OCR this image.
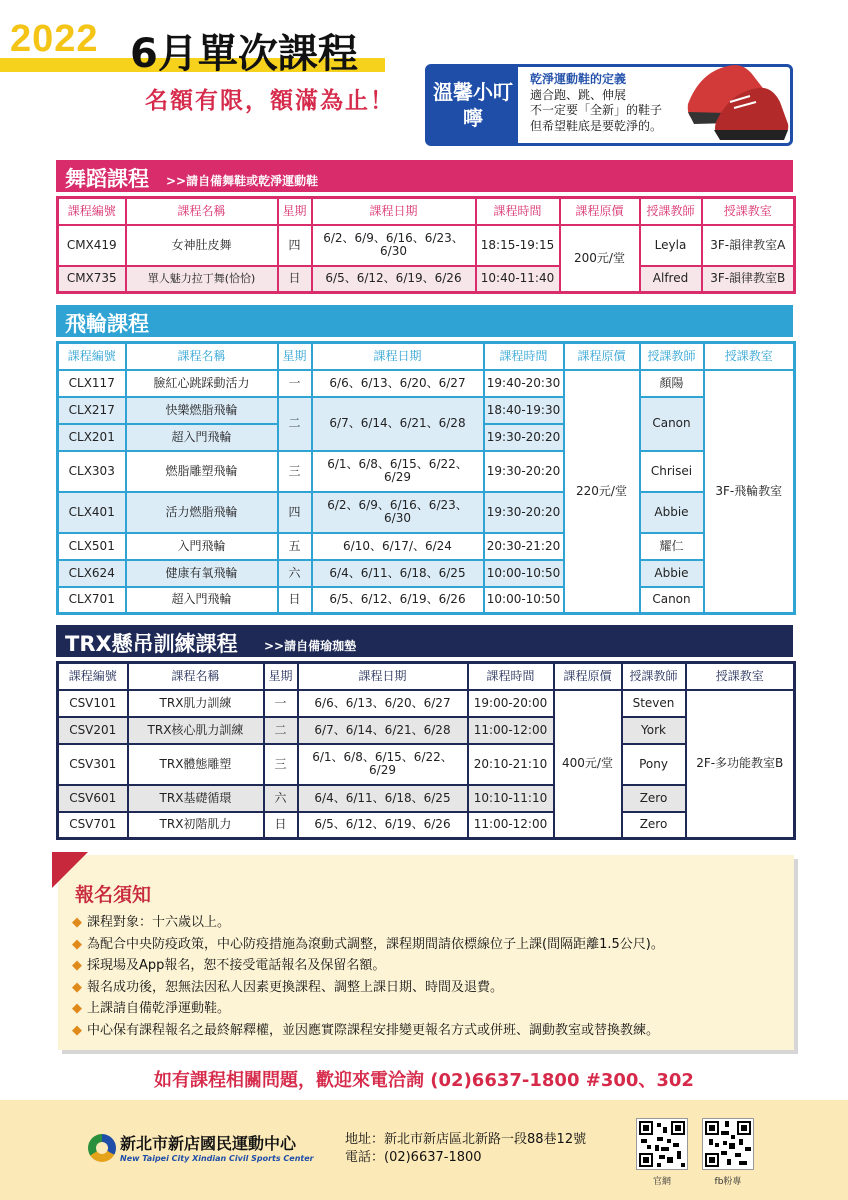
2022 6月單次課程
名額有限，額滿為止！ 溫馨小叮嚀
乾淨運動鞋的定義
適合跑、跳、伸展
不一定要「全新」的鞋子
但希望鞋底是要乾淨的。
舞蹈課程 >>請自備舞鞋或乾淨運動鞋
課程編號	課程名稱	星期	課程日期	課程時間	課程原價	授課教師	授課教室
CMX419	女神肚皮舞	四	6/2、6/9、6/16、6/23、6/30	18:15-19:15	200元/堂	Leyla	3F-韻律教室A
CMX735	單人魅力拉丁舞(恰恰)	日	6/5、6/12、6/19、6/26	10:40-11:40		Alfred	3F-韻律教室B
飛輪課程
課程編號	課程名稱	星期	課程日期	課程時間	課程原價	授課教師	授課教室
CLX117	臉紅心跳踩動活力	一	6/6、6/13、6/20、6/27	19:40-20:30	220元/堂	顏陽	3F-飛輪教室
CLX217	快樂燃脂飛輪	二	6/7、6/14、6/21、6/28	18:40-19:30		Canon	
CLX201	超入門飛輪			19:30-20:20			
CLX303	燃脂雕塑飛輪	三	6/1、6/8、6/15、6/22、6/29	19:30-20:20		Chrisei	
CLX401	活力燃脂飛輪	四	6/2、6/9、6/16、6/23、6/30	19:30-20:20		Abbie	
CLX501	入門飛輪	五	6/10、6/17/、6/24	20:30-21:20		耀仁	
CLX624	健康有氧飛輪	六	6/4、6/11、6/18、6/25	10:00-10:50		Abbie	
CLX701	超入門飛輪	日	6/5、6/12、6/19、6/26	10:00-10:50		Canon	
TRX懸吊訓練課程 >>請自備瑜珈墊
課程編號	課程名稱	星期	課程日期	課程時間	課程原價	授課教師	授課教室
CSV101	TRX肌力訓練	一	6/6、6/13、6/20、6/27	19:00-20:00	400元/堂	Steven	2F-多功能教室B
CSV201	TRX核心肌力訓練	二	6/7、6/14、6/21、6/28	11:00-12:00		York	
CSV301	TRX體態雕塑	三	6/1、6/8、6/15、6/22、6/29	20:10-21:10		Pony	
CSV601	TRX基礎循環	六	6/4、6/11、6/18、6/25	10:10-11:10		Zero	
CSV701	TRX初階肌力	日	6/5、6/12、6/19、6/26	11:00-12:00		Zero	
報名須知
◆ 課程對象：十六歲以上。
◆ 為配合中央防疫政策，中心防疫措施為滾動式調整，課程期間請依標線位子上課(間隔距離1.5公尺)。
◆ 採現場及App報名，恕不接受電話報名及保留名額。
◆ 報名成功後，恕無法因私人因素更換課程、調整上課日期、時間及退費。
◆ 上課請自備乾淨運動鞋。
◆ 中心保有課程報名之最終解釋權，並因應實際課程安排變更報名方式或併班、調動教室或替換教練。
如有課程相關問題，歡迎來電洽詢 (02)6637-1800 #300、302
新北市新店國民運動中心
New Taipei City Xindian Civil Sports Center
地址：新北市新店區北新路一段88巷12號
電話：(02)6637-1800
官網	fb粉專
